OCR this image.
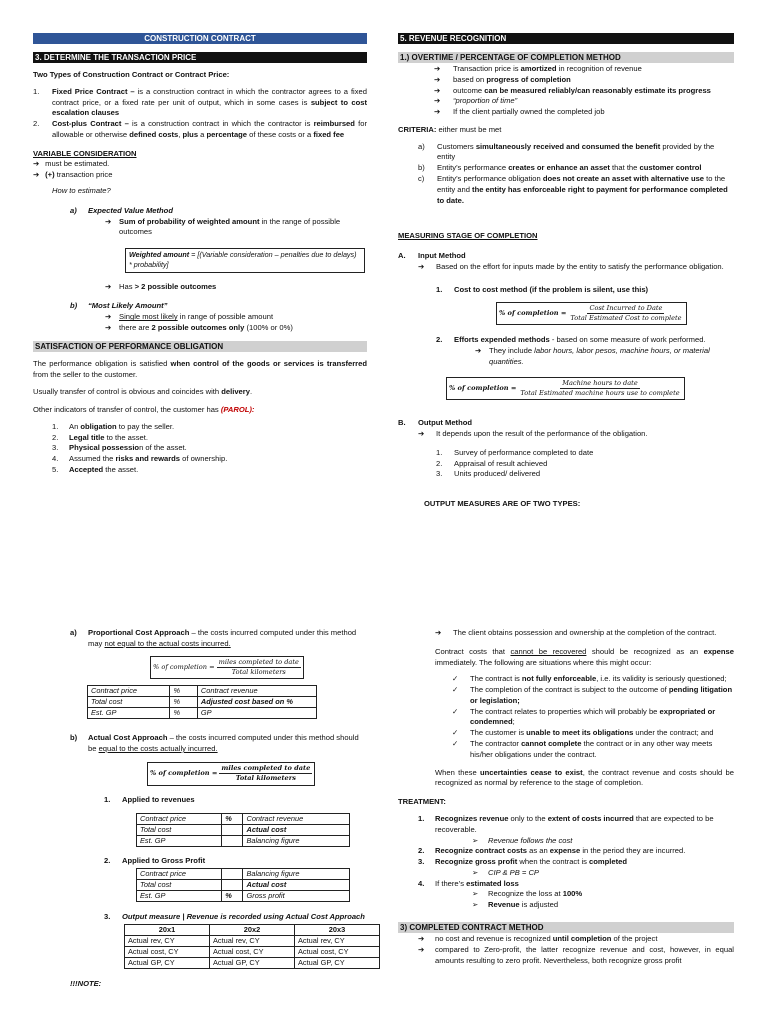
CONSTRUCTION CONTRACT
3. DETERMINE THE TRANSACTION PRICE

Two Types of Construction Contract or Contract Price:

1.	Fixed Price Contract – is a construction contract in which the contractor agrees to a fixed contract price, or a fixed rate per unit of output, which in some cases is subject to cost escalation clauses
2.	Cost-plus Contract – is a construction contract in which the contractor is reimbursed for allowable or otherwise defined costs, plus a percentage of these costs or a fixed fee

VARIABLE CONSIDERATION

➔ must be estimated.
➔ (+) transaction price

How to estimate?

a) Expected Value Method
➔	Sum of probability of weighted amount in the range of possible outcomes
Weighted amount = [(Variable consideration – penalties due to delays) * probability]
➔ Has > 2 possible outcomes
b) “Most Likely Amount”
➔ Single most likely in range of possible amount
➔ there are 2 possible outcomes only (100% or 0%)
SATISFACTION OF PERFORMANCE OBLIGATION

The performance obligation is satisfied when control of the goods or services is transferred from the seller to the customer.

Usually transfer of control is obvious and coincides with delivery.

Other indicators of transfer of control, the customer has (PAROL):

1.	An obligation to pay the seller.
2.	Legal title to the asset.
3.	Physical possession of the asset.
4.	Assumed the risks and rewards of ownership.
5.	Accepted the asset.
a)	Proportional Cost Approach – the costs incurred computed under this method may not equal to the actual costs incurred.
% of completion =
miles completed to date
Total kilometers
Contract price	%	Contract revenue
Total cost	%	Adjusted cost based on %
Est. GP	%	GP
b)	Actual Cost Approach – the costs incurred computed under this method should be equal to the costs actually incurred.
% of completion =
miles completed to date
Total kilometers
1. Applied to revenues
Contract price	%	Contract revenue
Total cost		Actual cost
Est. GP		Balancing figure
2. Applied to Gross Profit
Contract price		Balancing figure
Total cost		Actual cost
Est. GP	%	Gross profit
3.	Output measure | Revenue is recorded using Actual Cost Approach
20x1	20x2	20x3
Actual rev, CY	Actual rev, CY	Actual rev, CY
Actual cost, CY	Actual cost, CY	Actual cost, CY
Actual GP, CY	Actual GP, CY	Actual GP, CY
!!!NOTE:
5. REVENUE RECOGNITION
1.) OVERTIME / PERCENTAGE OF COMPLETION METHOD
➔	Transaction price is amortized in recognition of revenue
➔	based on progress of completion
➔	outcome can be measured reliably/can reasonably estimate its progress
➔	“proportion of time”
➔	If the client partially owned the completed job

CRITERIA: either must be met

a)	Customers simultaneously received and consumed the benefit provided by the entity
b)	Entity’s performance creates or enhance an asset that the customer control
c)	Entity’s performance obligation does not create an asset with alternative use to the entity and the entity has enforceable right to payment for performance completed to date.

MEASURING STAGE OF COMPLETION

A. Input Method
➔	Based on the effort for inputs made by the entity to satisfy the performance obligation.
1. Cost to cost method (if the problem is silent, use this)
% of completion =
Cost Incurred to Date
Total Estimated Cost to complete
2. Efforts expended methods - based on some measure of work performed.
➔	They include labor hours, labor pesos, machine hours, or material quantities.
% of completion =
Machine hours to date
Total Estimated machine hours use to complete
B. Output Method
➔ It depends upon the result of the performance of the obligation.
1. Survey of performance completed to date
2. Appraisal of result achieved
3. Units produced/ delivered

OUTPUT MEASURES ARE OF TWO TYPES:

➔	The client obtains possession and ownership at the completion of the contract.

Contract costs that cannot be recovered should be recognized as an expense immediately. The following are situations where this might occur:

✓	The contract is not fully enforceable, i.e. its validity is seriously questioned;
✓	The completion of the contract is subject to the outcome of pending litigation or legislation;
✓	The contract relates to properties which will probably be expropriated or condemned;
✓	The customer is unable to meet its obligations under the contract; and
✓	The contractor cannot complete the contract or in any other way meets his/her obligations under the contract.

When these uncertainties cease to exist, the contract revenue and costs should be recognized as normal by reference to the stage of completion.

TREATMENT:

1.	Recognizes revenue only to the extent of costs incurred that are expected to be recoverable.
➢ Revenue follows the cost
2.	Recognize contract costs as an expense in the period they are incurred.
3.	Recognize gross profit when the contract is completed
➢ CIP & PB = CP
4.	If there’s estimated loss
➢ Recognize the loss at 100%
➢ Revenue is adjusted
3) COMPLETED CONTRACT METHOD
➔	no cost and revenue is recognized until completion of the project
➔	compared to Zero-profit, the latter recognize revenue and cost, however, in equal amounts resulting to zero profit. Nevertheless, both recognize gross profit
